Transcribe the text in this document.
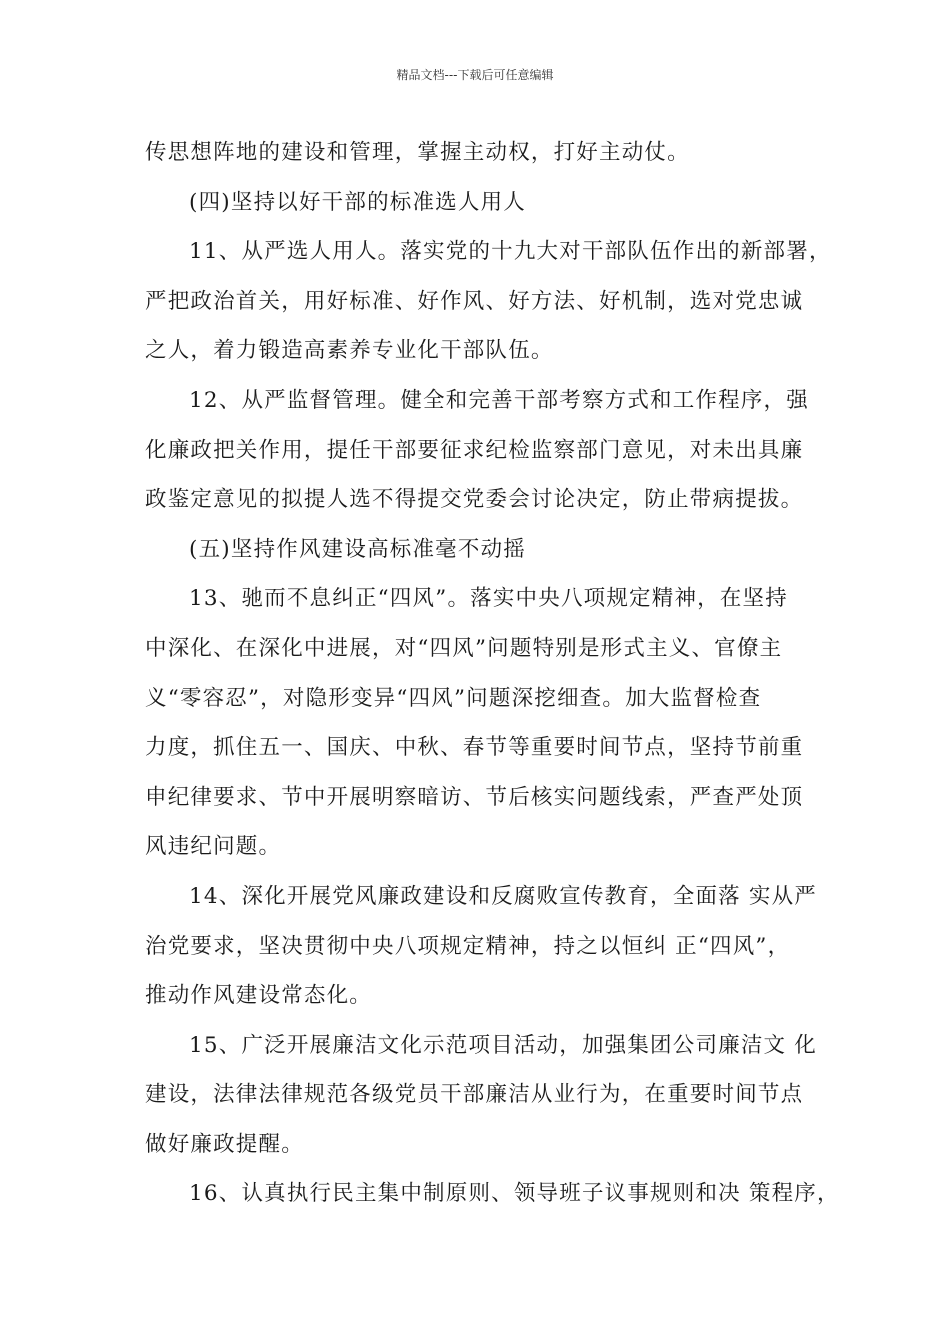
精品文档---下载后可任意编辑
传思想阵地的建设和管理，掌握主动权，打好主动仗。
(四)坚持以好干部的标准选人用人
11、从严选人用人。落实党的十九大对干部队伍作出的新部署，
严把政治首关，用好标准、好作风、好方法、好机制，选对党忠诚
之人，着力锻造高素养专业化干部队伍。
12、从严监督管理。健全和完善干部考察方式和工作程序，强
化廉政把关作用，提任干部要征求纪检监察部门意见，对未出具廉
政鉴定意见的拟提人选不得提交党委会讨论决定，防止带病提拔。
(五)坚持作风建设高标准毫不动摇
13、驰而不息纠正“四风”。落实中央八项规定精神，在坚持
中深化、在深化中进展，对“四风”问题特别是形式主义、官僚主
义“零容忍”，对隐形变异“四风”问题深挖细查。加大监督检查
力度，抓住五一、国庆、中秋、春节等重要时间节点，坚持节前重
申纪律要求、节中开展明察暗访、节后核实问题线索，严查严处顶
风违纪问题。
14、深化开展党风廉政建设和反腐败宣传教育，全面落 实从严
治党要求，坚决贯彻中央八项规定精神，持之以恒纠 正“四风”，
推动作风建设常态化。
15、广泛开展廉洁文化示范项目活动，加强集团公司廉洁文 化
建设，法律法律规范各级党员干部廉洁从业行为，在重要时间节点
做好廉政提醒。
16、认真执行民主集中制原则、领导班子议事规则和决 策程序，
